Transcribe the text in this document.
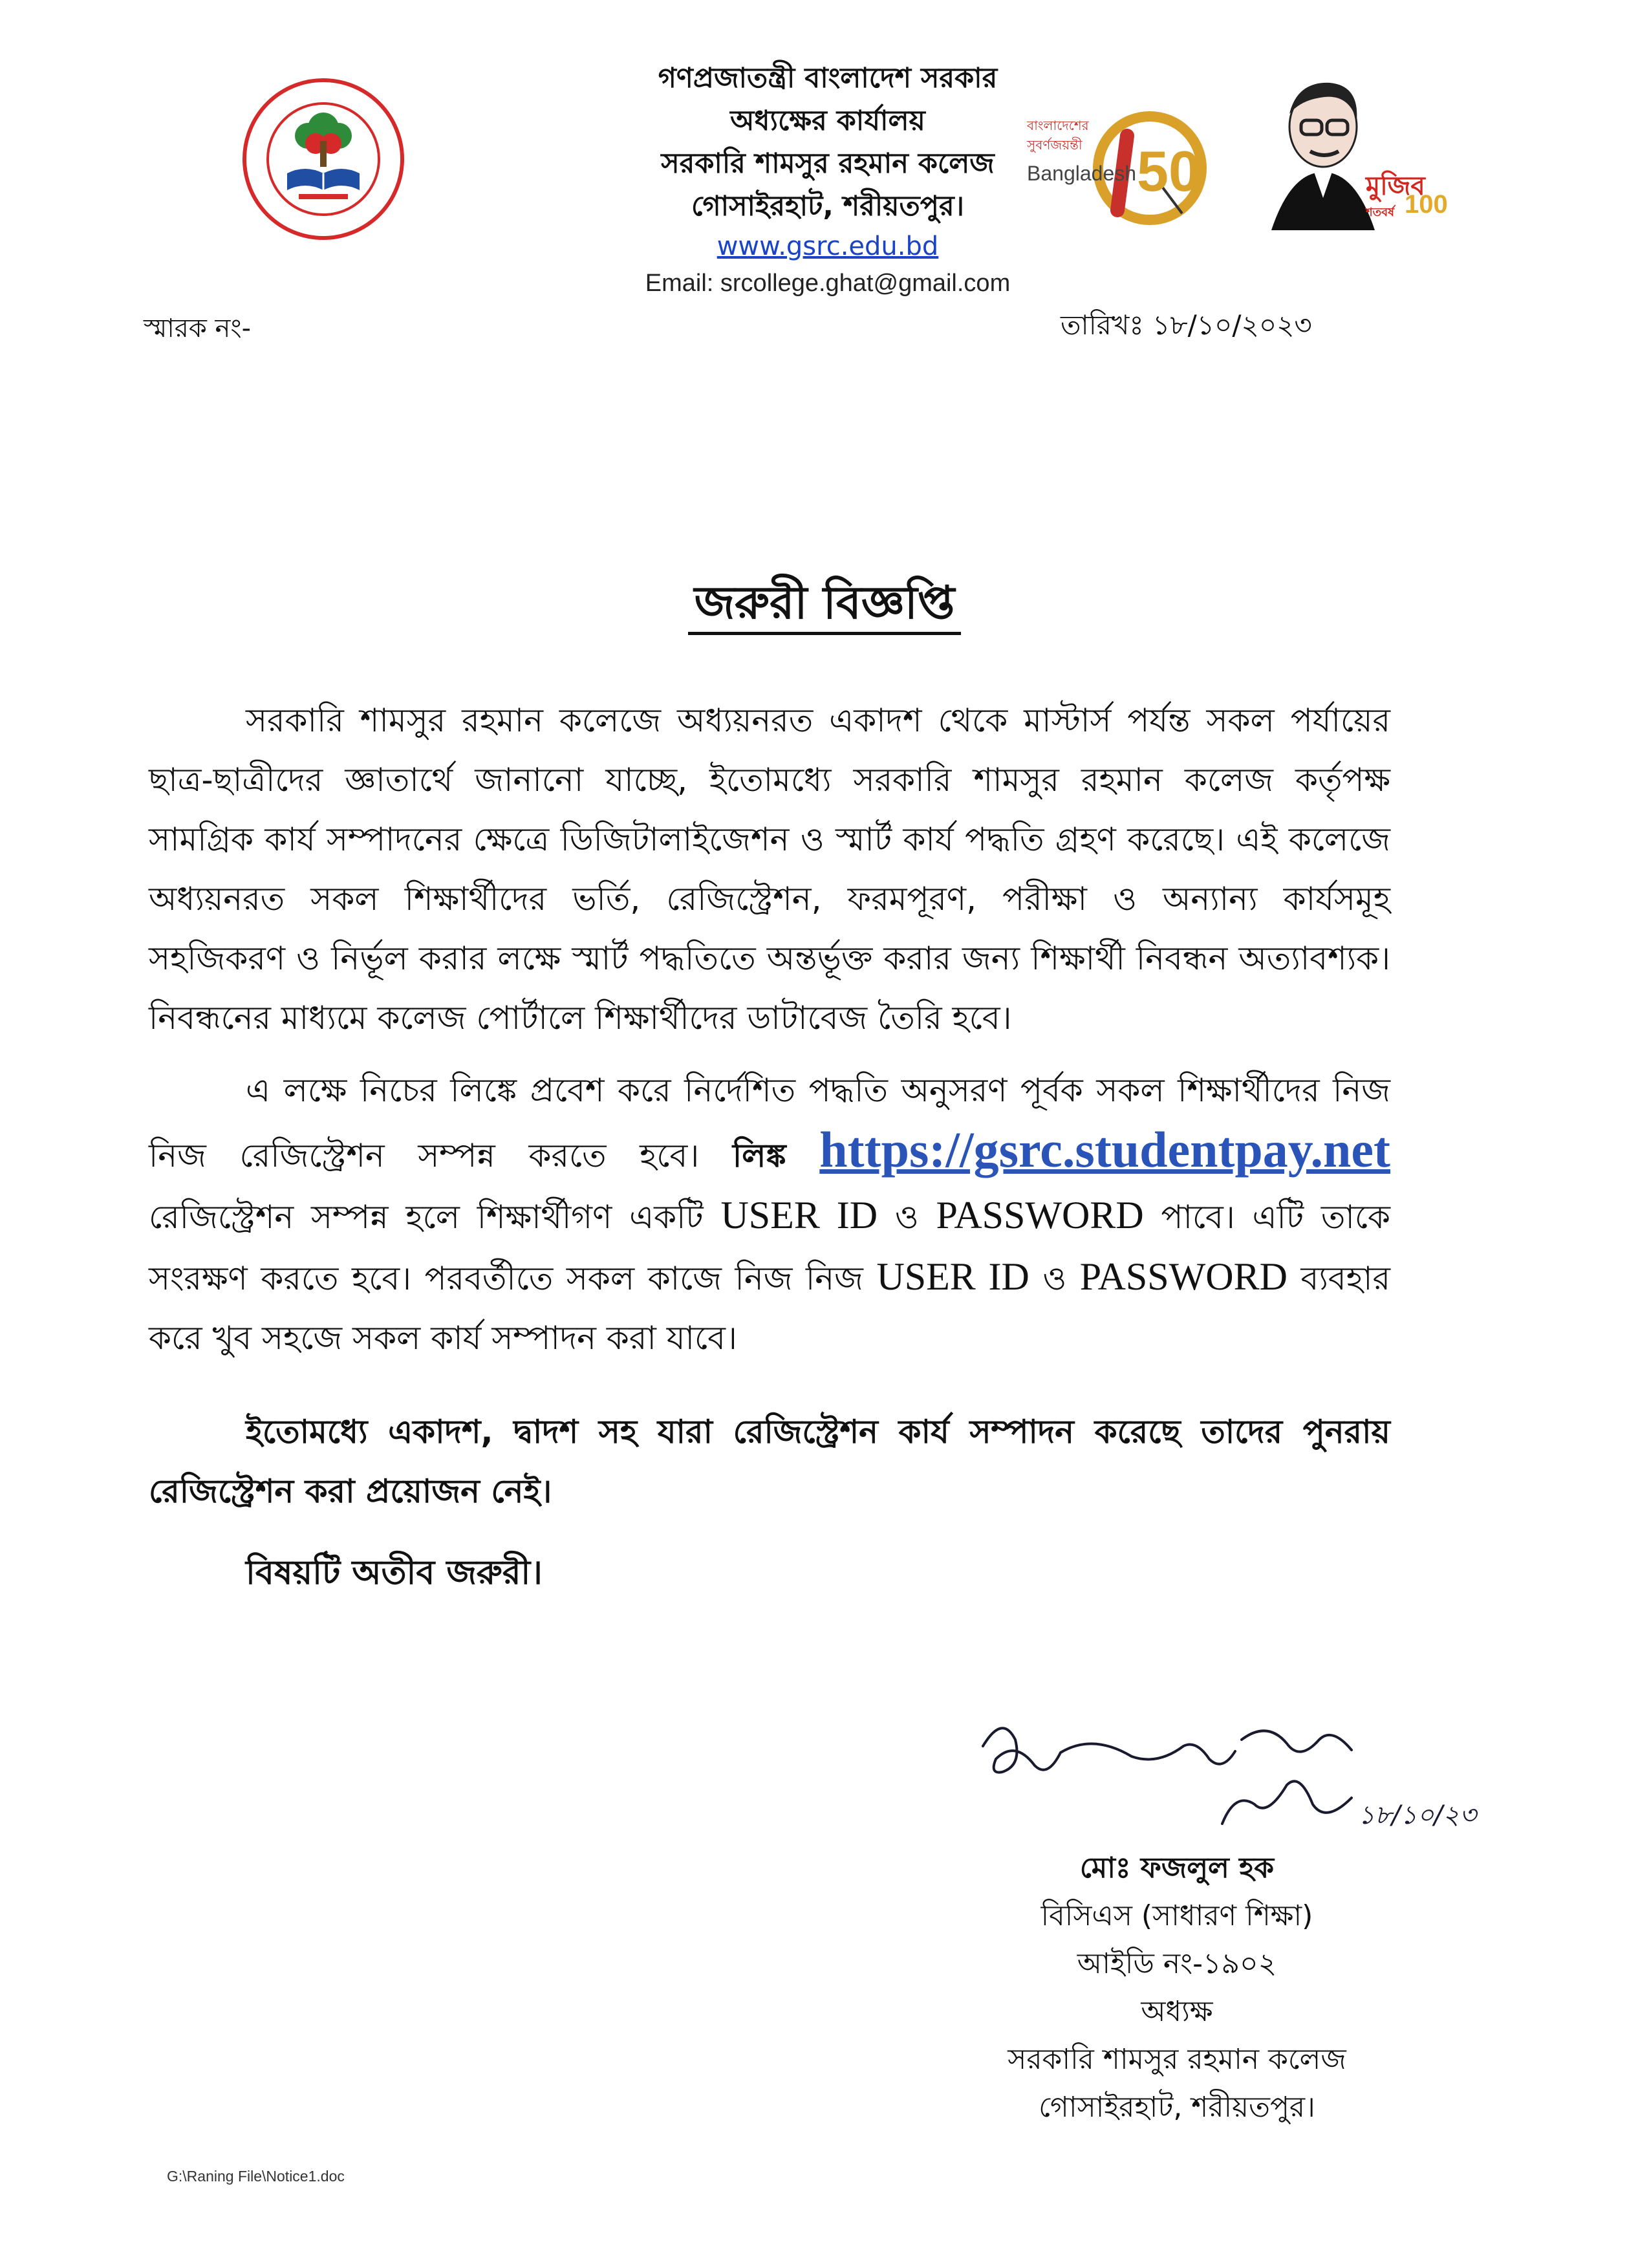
গণপ্রজাতন্ত্রী বাংলাদেশ সরকার
অধ্যক্ষের কার্যালয়
সরকারি শামসুর রহমান কলেজ
গোসাইরহাট, শরীয়তপুর।
www.gsrc.edu.bd
Email: srcollege.ghat@gmail.com
বাংলাদেশের
সুবর্ণজয়ন্তী
Bangladesh 50	মুজিব
শতবর্ষ 100
স্মারক নং-	তারিখঃ ১৮/১০/২০২৩
জরুরী বিজ্ঞপ্তি
সরকারি শামসুর রহমান কলেজে অধ্যয়নরত একাদশ থেকে মাস্টার্স পর্যন্ত সকল পর্যায়ের ছাত্র-ছাত্রীদের জ্ঞাতার্থে জানানো যাচ্ছে, ইতোমধ্যে সরকারি শামসুর রহমান কলেজ কর্তৃপক্ষ সামগ্রিক কার্য সম্পাদনের ক্ষেত্রে ডিজিটালাইজেশন ও স্মার্ট কার্য পদ্ধতি গ্রহণ করেছে। এই কলেজে অধ্যয়নরত সকল শিক্ষার্থীদের ভর্তি, রেজিস্ট্রেশন, ফরমপূরণ, পরীক্ষা ও অন্যান্য কার্যসমূহ সহজিকরণ ও নির্ভূল করার লক্ষে স্মার্ট পদ্ধতিতে অন্তর্ভূক্ত করার জন্য শিক্ষার্থী নিবন্ধন অত্যাবশ্যক। নিবন্ধনের মাধ্যমে কলেজ পোর্টালে শিক্ষার্থীদের ডাটাবেজ তৈরি হবে।
এ লক্ষে নিচের লিঙ্কে প্রবেশ করে নির্দেশিত পদ্ধতি অনুসরণ পূর্বক সকল শিক্ষার্থীদের নিজ নিজ রেজিস্ট্রেশন সম্পন্ন করতে হবে। লিঙ্ক https://gsrc.studentpay.net রেজিস্ট্রেশন সম্পন্ন হলে শিক্ষার্থীগণ একটি USER ID ও PASSWORD পাবে। এটি তাকে সংরক্ষণ করতে হবে। পরবর্তীতে সকল কাজে নিজ নিজ USER ID ও PASSWORD ব্যবহার করে খুব সহজে সকল কার্য সম্পাদন করা যাবে।
ইতোমধ্যে একাদশ, দ্বাদশ সহ যারা রেজিস্ট্রেশন কার্য সম্পাদন করেছে তাদের পুনরায় রেজিস্ট্রেশন করা প্রয়োজন নেই।
বিষয়টি অতীব জরুরী।
১৮/১০/২৩
মোঃ ফজলুল হক
বিসিএস (সাধারণ শিক্ষা)
আইডি নং-১৯০২
অধ্যক্ষ
সরকারি শামসুর রহমান কলেজ
গোসাইরহাট, শরীয়তপুর।
G:\Raning File\Notice1.doc
